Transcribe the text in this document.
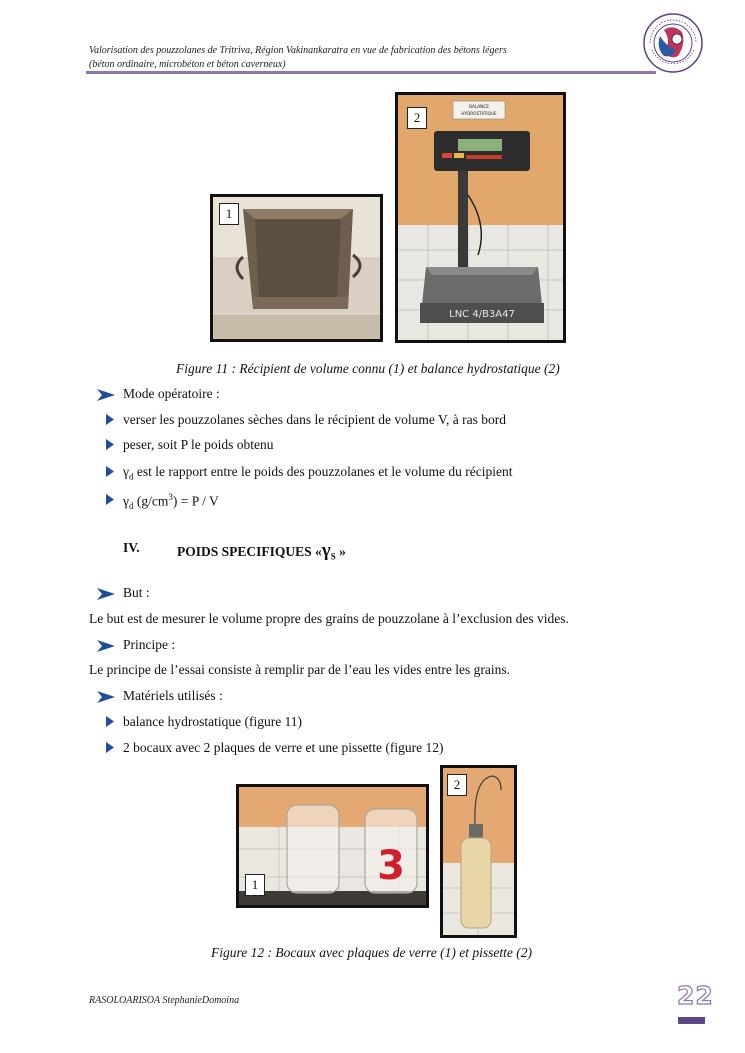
Valorisation des pouzzolanes de Tritriva, Région Vakinankaratra en vue de fabrication des bétons légers
(béton ordinaire, microbéton et béton caverneux)
1
BALANCE
HYDROSTATIQUE
LNC 4/B3A47
2
Figure 11 : Récipient de volume connu (1) et balance hydrostatique (2)
Mode opératoire :
verser les pouzzolanes sèches dans le récipient de volume V, à ras bord
peser, soit P le poids obtenu
$\gamma_d$ est le rapport entre le poids des pouzzolanes et le volume du récipient
$\gamma_d$ $(g/cm^3) = P / V$
IV.	POIDS SPECIFIQUES «$\gamma_S$ »
But :
Le but est de mesurer le volume propre des grains de pouzzolane à l’exclusion des vides.
Principe :
Le principe de l’essai consiste à remplir par de l’eau les vides entre les grains.
Matériels utilisés :
balance hydrostatique (figure 11)
2 bocaux avec 2 plaques de verre et une pissette (figure 12)
3
1
2
Figure 12 : Bocaux avec plaques de verre (1) et pissette (2)
RASOLOARISOA StephanieDomoina	22
